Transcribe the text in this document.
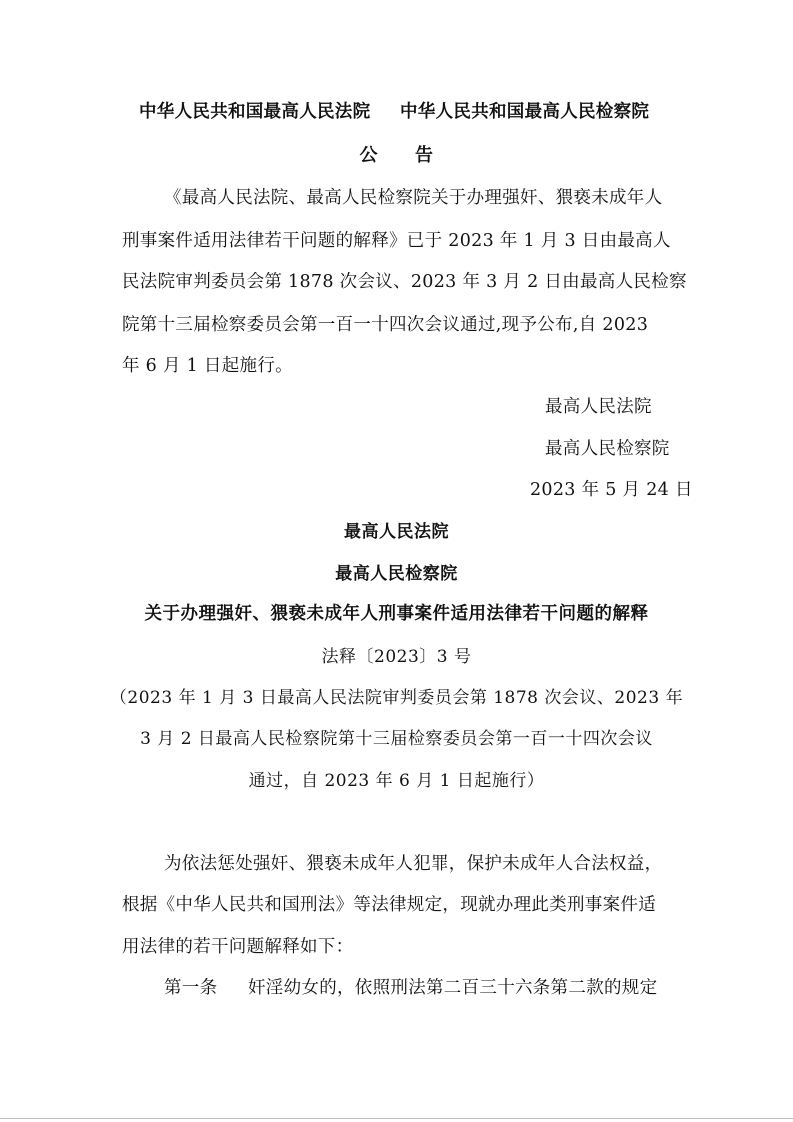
中华人民共和国最高人民法院 中华人民共和国最高人民检察院
公　　告
《最高人民法院、最高人民检察院关于办理强奸、猥亵未成年人
刑事案件适用法律若干问题的解释》已于 2023 年 1 月 3 日由最高人
民法院审判委员会第 1878 次会议、2023 年 3 月 2 日由最高人民检察
院第十三届检察委员会第一百一十四次会议通过,现予公布,自 2023
年 6 月 1 日起施行。
最高人民法院
最高人民检察院
2023 年 5 月 24 日
最高人民法院
最高人民检察院
关于办理强奸、猥亵未成年人刑事案件适用法律若干问题的解释
法释〔2023〕3 号
（2023 年 1 月 3 日最高人民法院审判委员会第 1878 次会议、2023 年
3 月 2 日最高人民检察院第十三届检察委员会第一百一十四次会议
通过，自 2023 年 6 月 1 日起施行）
为依法惩处强奸、猥亵未成年人犯罪，保护未成年人合法权益，
根据《中华人民共和国刑法》等法律规定，现就办理此类刑事案件适
用法律的若干问题解释如下：
第一条 奸淫幼女的，依照刑法第二百三十六条第二款的规定
